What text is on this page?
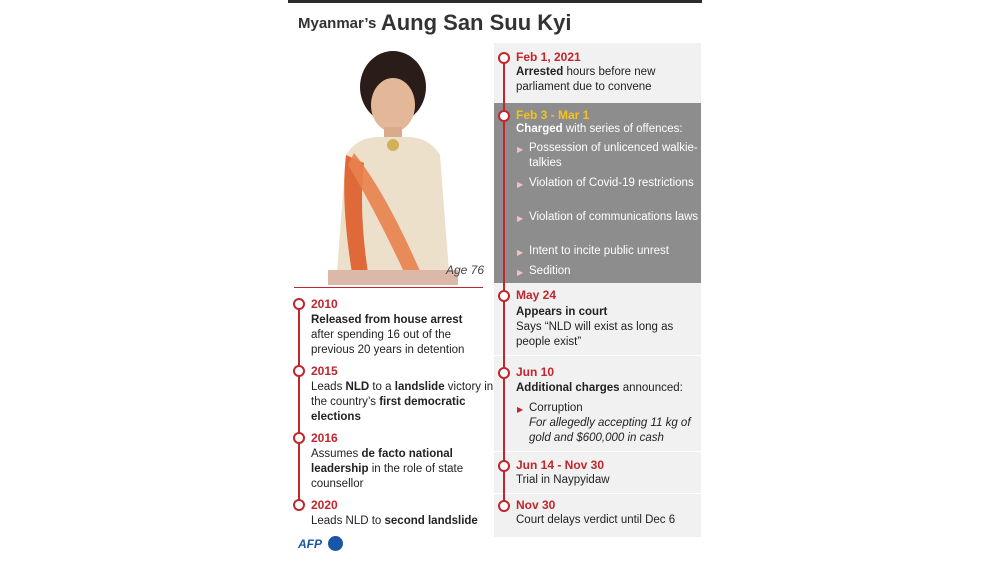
Myanmar’s Aung San Suu Kyi
Age 76
2010
Released from house arrest
after spending 16 out of the previous 20 years in detention
2015
Leads NLD to a landslide victory in the country’s first democratic elections
2016
Assumes de facto national leadership in the role of state counsellor
2020
Leads NLD to second landslide
AFP
Feb 1, 2021
Arrested hours before new parliament due to convene
Feb 3 - Mar 1
Charged with series of offences:
▶ Possession of unlicenced walkie-talkies
▶ Violation of Covid-19 restrictions
▶ Violation of communications laws
▶ Intent to incite public unrest
▶ Sedition
May 24
Appears in court
Says “NLD will exist as long as people exist”
Jun 10
Additional charges announced:
▶ Corruption
For allegedly accepting 11 kg of gold and $600,000 in cash
Jun 14 - Nov 30
Trial in Naypyidaw
Nov 30
Court delays verdict until Dec 6
